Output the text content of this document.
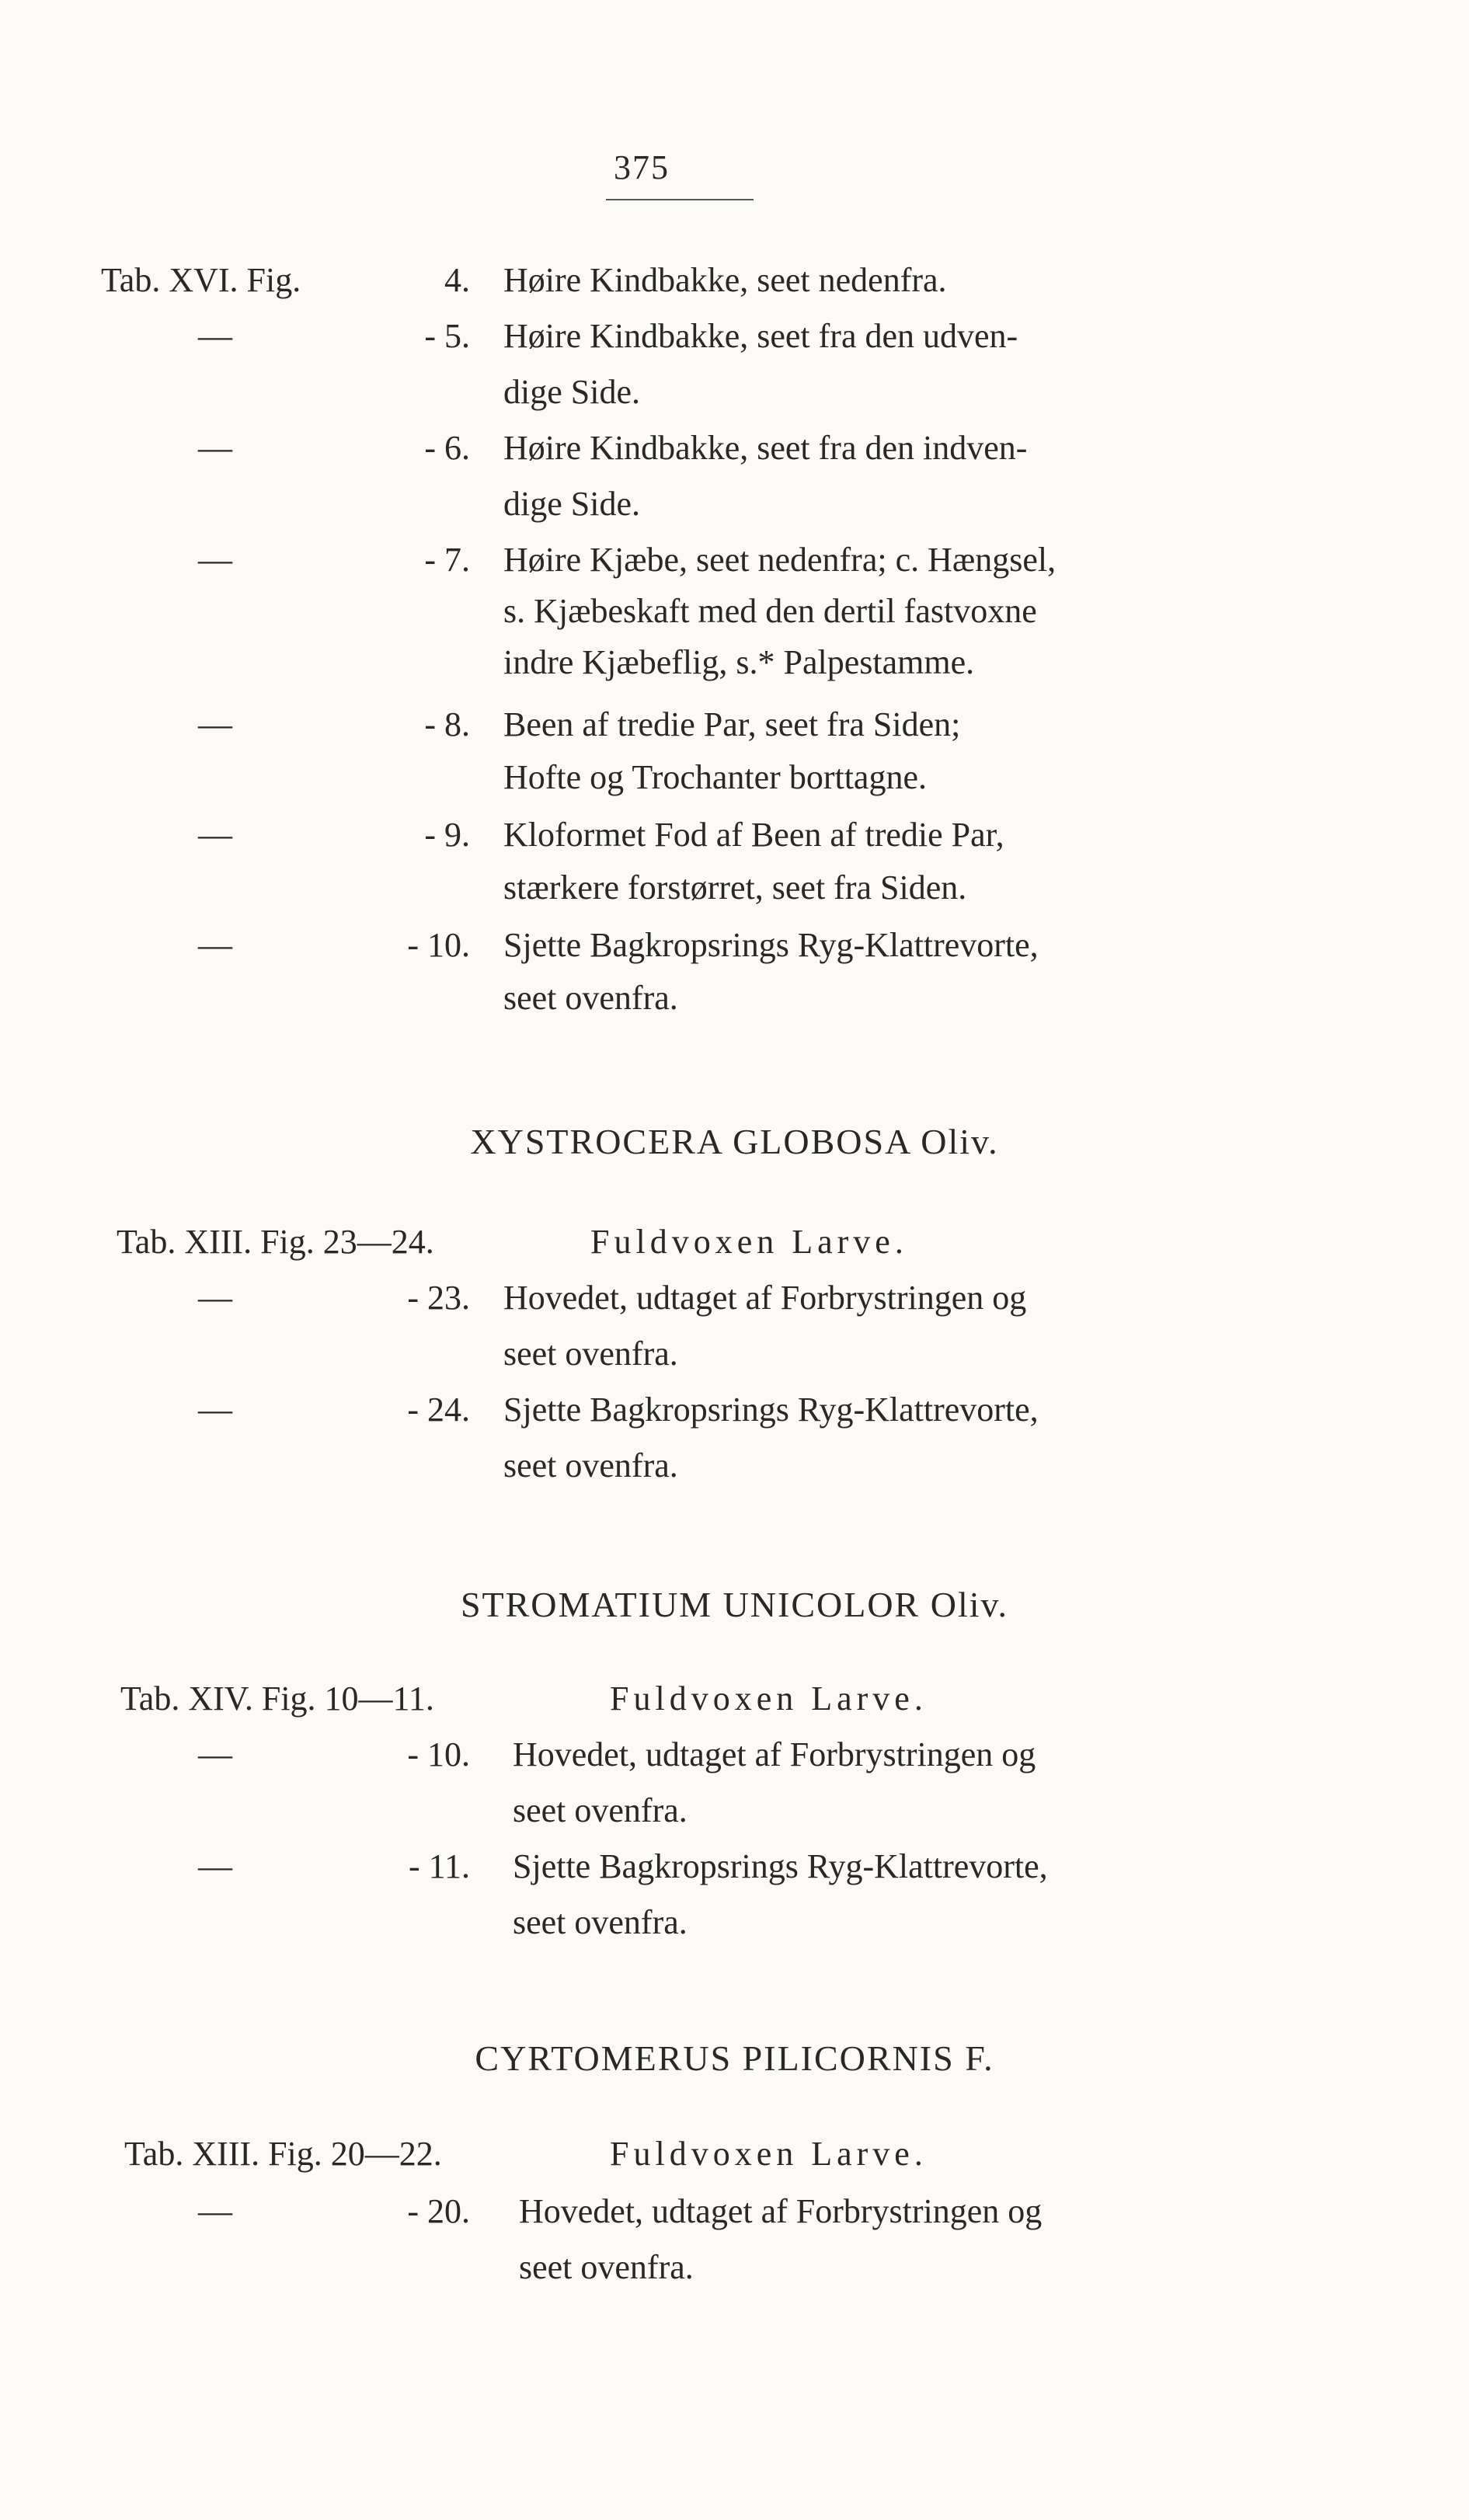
375
Tab. XVI. Fig.	4. Høire Kindbakke, seet nedenfra.
—	- 5. Høire Kindbakke, seet fra den udven-
dige Side.
—	- 6. Høire Kindbakke, seet fra den indven-
dige Side.
—	- 7. Høire Kjæbe, seet nedenfra; c. Hængsel,
s. Kjæbeskaft med den dertil fastvoxne
indre Kjæbeflig, s.* Palpestamme.
—	- 8. Been af tredie Par, seet fra Siden;
Hofte og Trochanter borttagne.
—	- 9. Kloformet Fod af Been af tredie Par,
stærkere forstørret, seet fra Siden.
—	- 10. Sjette Bagkropsrings Ryg-Klattrevorte,
seet ovenfra.
XYSTROCERA GLOBOSA Oliv.
Tab. XIII. Fig. 23—24.	Fuldvoxen Larve.
—	- 23. Hovedet, udtaget af Forbrystringen og
seet ovenfra.
—	- 24. Sjette Bagkropsrings Ryg-Klattrevorte,
seet ovenfra.
STROMATIUM UNICOLOR Oliv.
Tab. XIV. Fig. 10—11.	Fuldvoxen Larve.
—	- 10. Hovedet, udtaget af Forbrystringen og
seet ovenfra.
—	- 11. Sjette Bagkropsrings Ryg-Klattrevorte,
seet ovenfra.
CYRTOMERUS PILICORNIS F.
Tab. XIII. Fig. 20—22.	Fuldvoxen Larve.
—	- 20. Hovedet, udtaget af Forbrystringen og
seet ovenfra.
